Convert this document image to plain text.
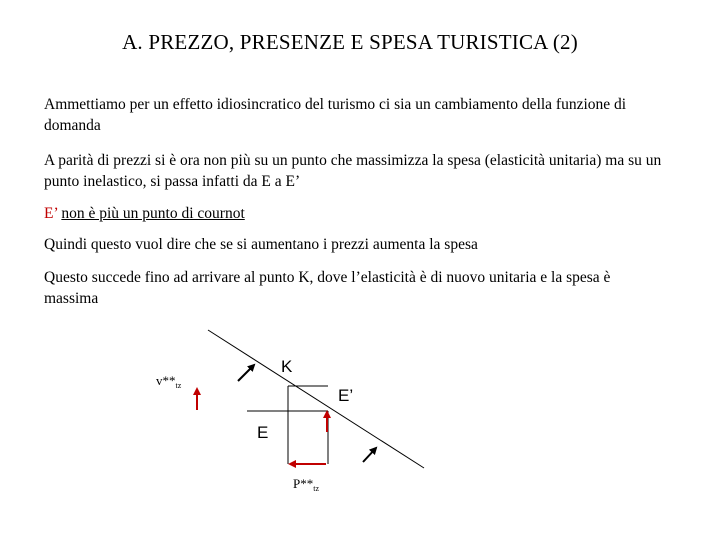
A. PREZZO, PRESENZE E SPESA TURISTICA (2)
Ammettiamo per un effetto idiosincratico del turismo ci sia un cambiamento della funzione di domanda
A parità di prezzi si è ora non più su un punto che massimizza la spesa (elasticità unitaria) ma su un punto inelastico, si passa infatti da E a E’
E’ non è più un punto di cournot
Quindi questo vuol dire che se si aumentano i prezzi aumenta la spesa
Questo succede fino ad arrivare al punto K, dove l’elasticità è di nuovo unitaria e la spesa è massima
K
E’
E
$v**_{tz}$
$P**_{tz}$
